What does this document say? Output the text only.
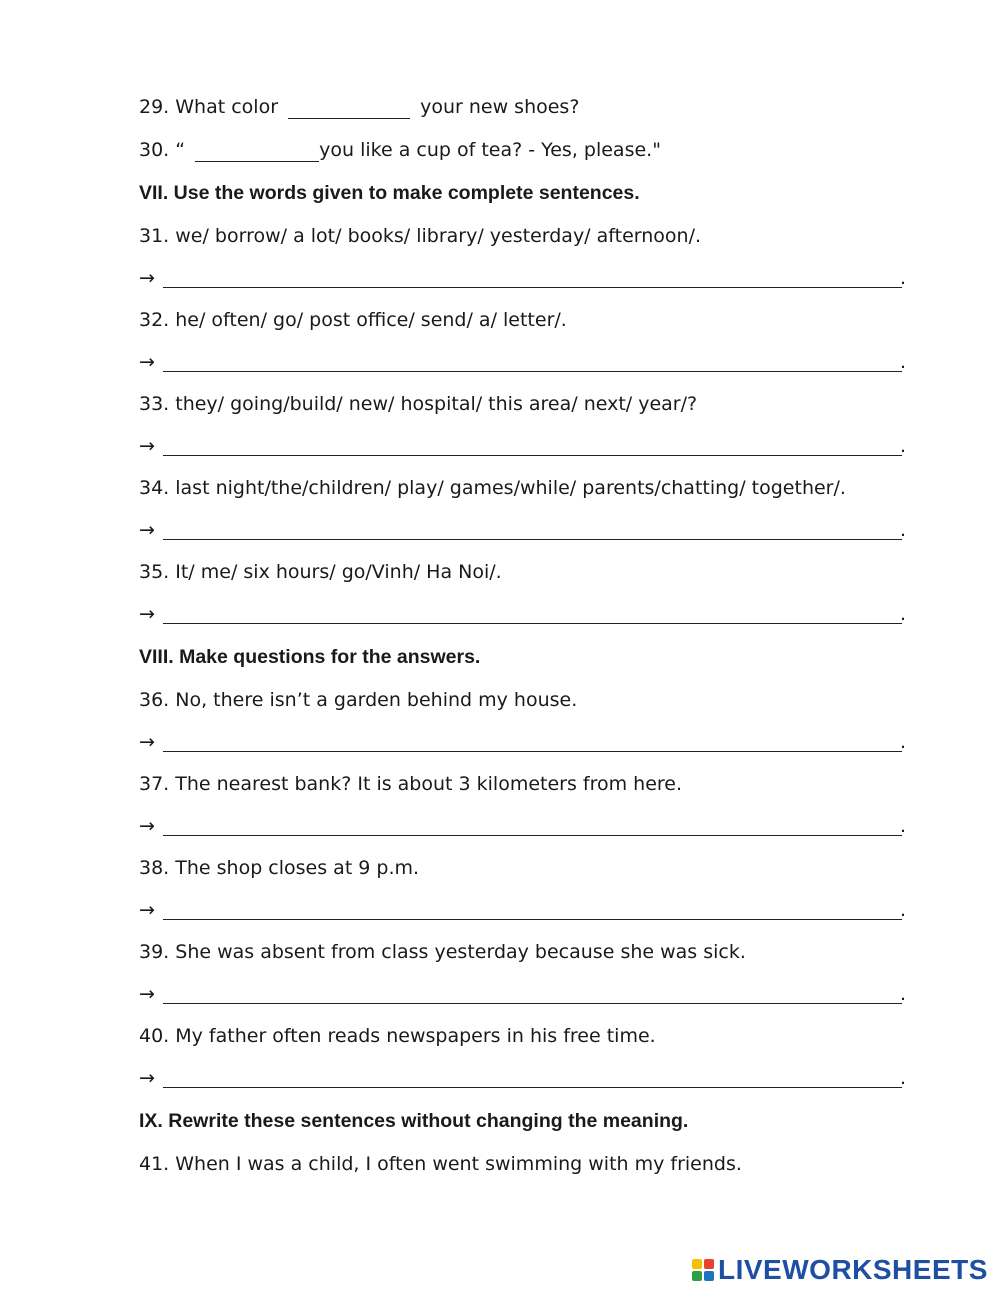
29. What color	your new shoes?
30. “	you like a cup of tea? - Yes, please."
VII. Use the words given to make complete sentences.
31. we/ borrow/ a lot/ books/ library/ yesterday/ afternoon/.
→	.
32. he/ often/ go/ post office/ send/ a/ letter/.
→	.
33. they/ going/build/ new/ hospital/ this area/ next/ year/?
→	.
34. last night/the/children/ play/ games/while/ parents/chatting/ together/.
→	.
35. It/ me/ six hours/ go/Vinh/ Ha Noi/.
→	.
VIII. Make questions for the answers.
36. No, there isn’t a garden behind my house.
→	.
37. The nearest bank? It is about 3 kilometers from here.
→	.
38. The shop closes at 9 p.m.
→	.
39. She was absent from class yesterday because she was sick.
→	.
40. My father often reads newspapers in his free time.
→	.
IX. Rewrite these sentences without changing the meaning.
41. When I was a child, I often went swimming with my friends.
LIVEWORKSHEETS
